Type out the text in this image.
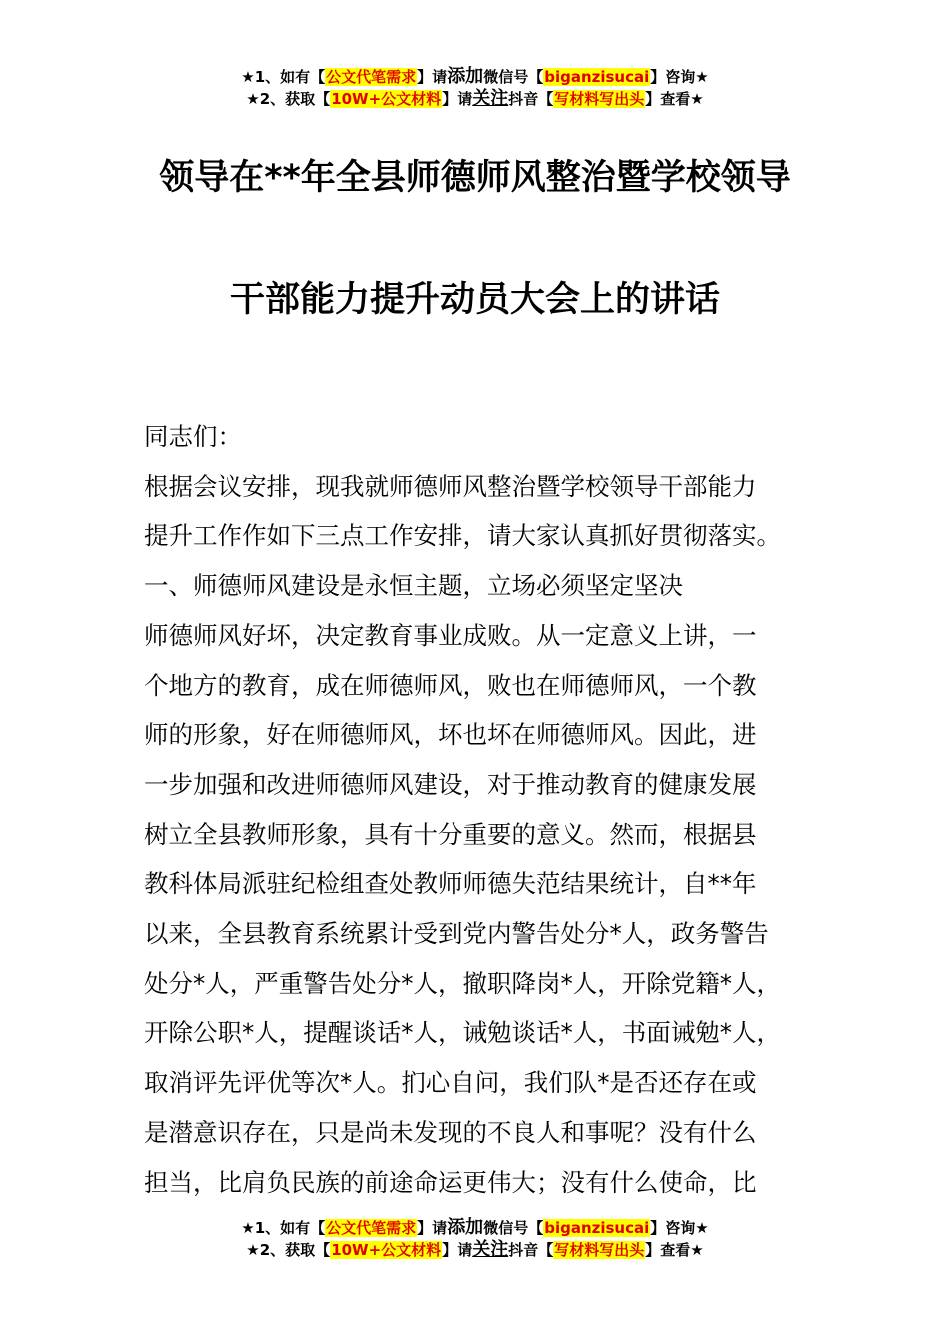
★1、如有【公文代笔需求】请添加微信号【biganzisucai】咨询★
★2、获取【10W+公文材料】请关注抖音【写材料写出头】查看★
领导在**年全县师德师风整治暨学校领导
干部能力提升动员大会上的讲话

同志们：

根据会议安排，现我就师德师风整治暨学校领导干部能力

提升工作作如下三点工作安排，请大家认真抓好贯彻落实。

一、师德师风建设是永恒主题，立场必须坚定坚决

师德师风好坏，决定教育事业成败。从一定意义上讲，一

个地方的教育，成在师德师风，败也在师德师风，一个教

师的形象，好在师德师风，坏也坏在师德师风。因此，进

一步加强和改进师德师风建设，对于推动教育的健康发展

树立全县教师形象，具有十分重要的意义。然而，根据县

教科体局派驻纪检组查处教师师德失范结果统计，自**年

以来，全县教育系统累计受到党内警告处分*人，政务警告

处分*人，严重警告处分*人，撤职降岗*人，开除党籍*人，

开除公职*人，提醒谈话*人，诫勉谈话*人，书面诫勉*人，

取消评先评优等次*人。扪心自问，我们队*是否还存在或

是潜意识存在，只是尚未发现的不良人和事呢？没有什么

担当，比肩负民族的前途命运更伟大；没有什么使命，比

★1、如有【公文代笔需求】请添加微信号【biganzisucai】咨询★
★2、获取【10W+公文材料】请关注抖音【写材料写出头】查看★
